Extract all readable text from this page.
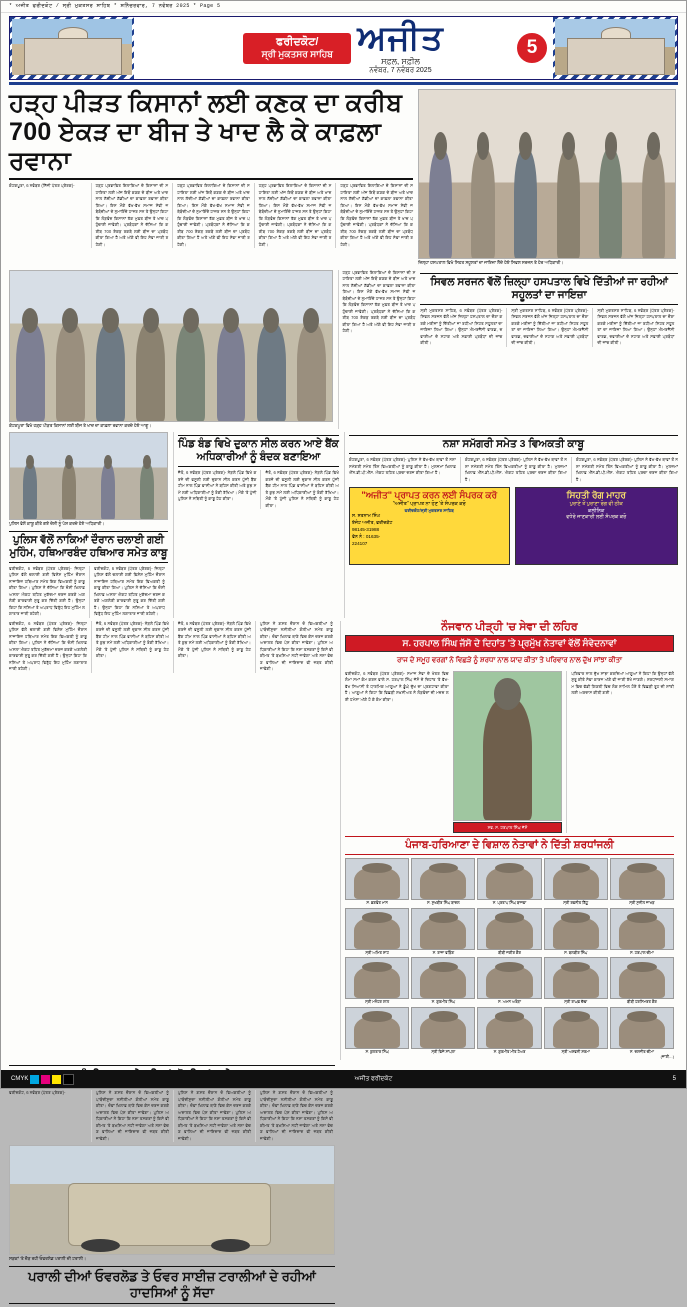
* ਅਜੀਤ ਫਰੀਦਕੋਟ / ਸ੍ਰੀ ਮੁਕਤਸਰ ਸਾਹਿਬ * ਸ਼ਨਿੱਚਰਵਾਰ, 7 ਨਵੰਬਰ 2025 * Page 5
ਫਰੀਦਕੋਟ/
ਸ੍ਰੀ ਮੁਕਤਸਰ ਸਾਹਿਬ ਅਜੀਤ
ਸਫ਼ਲ, ਸਫ਼ੀਲ
ਨਵੰਬਰ, 7 ਨਵੰਬਰ 2025
5
ਹੜ੍ਹ ਪੀੜਤ ਕਿਸਾਨਾਂ ਲਈ ਕਣਕ ਦਾ ਕਰੀਬ 700 ਏਕੜ ਦਾ ਬੀਜ ਤੇ ਖਾਦ ਲੈ ਕੇ ਕਾਫ਼ਲਾ ਰਵਾਨਾ
ਕੋਟਕਪੂਰਾ, 6 ਨਵੰਬਰ (ਨਿੱਜੀ ਪੱਤਰ ਪ੍ਰੇਰਕ)-	ਹੜ੍ਹ ਪ੍ਰਭਾਵਿਤ ਇਲਾਕਿਆਂ ਦੇ ਕਿਸਾਨਾਂ ਦੀ ਸਹਾਇਤਾ ਲਈ ਅੱਜ ਇਥੋਂ ਕਣਕ ਦੇ ਬੀਜ ਅਤੇ ਖਾਦ ਨਾਲ ਲੱਦੀਆਂ ਗੱਡੀਆਂ ਦਾ ਕਾਫ਼ਲਾ ਰਵਾਨਾ ਕੀਤਾ ਗਿਆ। ਇਸ ਮੌਕੇ ਵੱਖ-ਵੱਖ ਸਮਾਜ ਸੇਵੀ ਜਥੇਬੰਦੀਆਂ ਦੇ ਨੁਮਾਇੰਦੇ ਹਾਜ਼ਰ ਸਨ ਤੇ ਉਨ੍ਹਾਂ ਕਿਹਾ ਕਿ ਲੋੜਵੰਦ ਕਿਸਾਨਾਂ ਤੱਕ ਮੁਫ਼ਤ ਬੀਜ ਤੇ ਖਾਦ ਪਹੁੰਚਾਈ ਜਾਵੇਗੀ। ਪ੍ਰਬੰਧਕਾਂ ਨੇ ਦੱਸਿਆ ਕਿ ਕਰੀਬ 700 ਏਕੜ ਰਕਬੇ ਲਈ ਬੀਜ ਦਾ ਪ੍ਰਬੰਧ ਕੀਤਾ ਗਿਆ ਹੈ ਅਤੇ ਅੱਗੇ ਵੀ ਇਹ ਸੇਵਾ ਜਾਰੀ ਰਹੇਗੀ।
ਹੜ੍ਹ ਪ੍ਰਭਾਵਿਤ ਇਲਾਕਿਆਂ ਦੇ ਕਿਸਾਨਾਂ ਦੀ ਸਹਾਇਤਾ ਲਈ ਅੱਜ ਇਥੋਂ ਕਣਕ ਦੇ ਬੀਜ ਅਤੇ ਖਾਦ ਨਾਲ ਲੱਦੀਆਂ ਗੱਡੀਆਂ ਦਾ ਕਾਫ਼ਲਾ ਰਵਾਨਾ ਕੀਤਾ ਗਿਆ। ਇਸ ਮੌਕੇ ਵੱਖ-ਵੱਖ ਸਮਾਜ ਸੇਵੀ ਜਥੇਬੰਦੀਆਂ ਦੇ ਨੁਮਾਇੰਦੇ ਹਾਜ਼ਰ ਸਨ ਤੇ ਉਨ੍ਹਾਂ ਕਿਹਾ ਕਿ ਲੋੜਵੰਦ ਕਿਸਾਨਾਂ ਤੱਕ ਮੁਫ਼ਤ ਬੀਜ ਤੇ ਖਾਦ ਪਹੁੰਚਾਈ ਜਾਵੇਗੀ। ਪ੍ਰਬੰਧਕਾਂ ਨੇ ਦੱਸਿਆ ਕਿ ਕਰੀਬ 700 ਏਕੜ ਰਕਬੇ ਲਈ ਬੀਜ ਦਾ ਪ੍ਰਬੰਧ ਕੀਤਾ ਗਿਆ ਹੈ ਅਤੇ ਅੱਗੇ ਵੀ ਇਹ ਸੇਵਾ ਜਾਰੀ ਰਹੇਗੀ।
ਹੜ੍ਹ ਪ੍ਰਭਾਵਿਤ ਇਲਾਕਿਆਂ ਦੇ ਕਿਸਾਨਾਂ ਦੀ ਸਹਾਇਤਾ ਲਈ ਅੱਜ ਇਥੋਂ ਕਣਕ ਦੇ ਬੀਜ ਅਤੇ ਖਾਦ ਨਾਲ ਲੱਦੀਆਂ ਗੱਡੀਆਂ ਦਾ ਕਾਫ਼ਲਾ ਰਵਾਨਾ ਕੀਤਾ ਗਿਆ। ਇਸ ਮੌਕੇ ਵੱਖ-ਵੱਖ ਸਮਾਜ ਸੇਵੀ ਜਥੇਬੰਦੀਆਂ ਦੇ ਨੁਮਾਇੰਦੇ ਹਾਜ਼ਰ ਸਨ ਤੇ ਉਨ੍ਹਾਂ ਕਿਹਾ ਕਿ ਲੋੜਵੰਦ ਕਿਸਾਨਾਂ ਤੱਕ ਮੁਫ਼ਤ ਬੀਜ ਤੇ ਖਾਦ ਪਹੁੰਚਾਈ ਜਾਵੇਗੀ। ਪ੍ਰਬੰਧਕਾਂ ਨੇ ਦੱਸਿਆ ਕਿ ਕਰੀਬ 700 ਏਕੜ ਰਕਬੇ ਲਈ ਬੀਜ ਦਾ ਪ੍ਰਬੰਧ ਕੀਤਾ ਗਿਆ ਹੈ ਅਤੇ ਅੱਗੇ ਵੀ ਇਹ ਸੇਵਾ ਜਾਰੀ ਰਹੇਗੀ।
ਹੜ੍ਹ ਪ੍ਰਭਾਵਿਤ ਇਲਾਕਿਆਂ ਦੇ ਕਿਸਾਨਾਂ ਦੀ ਸਹਾਇਤਾ ਲਈ ਅੱਜ ਇਥੋਂ ਕਣਕ ਦੇ ਬੀਜ ਅਤੇ ਖਾਦ ਨਾਲ ਲੱਦੀਆਂ ਗੱਡੀਆਂ ਦਾ ਕਾਫ਼ਲਾ ਰਵਾਨਾ ਕੀਤਾ ਗਿਆ। ਇਸ ਮੌਕੇ ਵੱਖ-ਵੱਖ ਸਮਾਜ ਸੇਵੀ ਜਥੇਬੰਦੀਆਂ ਦੇ ਨੁਮਾਇੰਦੇ ਹਾਜ਼ਰ ਸਨ ਤੇ ਉਨ੍ਹਾਂ ਕਿਹਾ ਕਿ ਲੋੜਵੰਦ ਕਿਸਾਨਾਂ ਤੱਕ ਮੁਫ਼ਤ ਬੀਜ ਤੇ ਖਾਦ ਪਹੁੰਚਾਈ ਜਾਵੇਗੀ। ਪ੍ਰਬੰਧਕਾਂ ਨੇ ਦੱਸਿਆ ਕਿ ਕਰੀਬ 700 ਏਕੜ ਰਕਬੇ ਲਈ ਬੀਜ ਦਾ ਪ੍ਰਬੰਧ ਕੀਤਾ ਗਿਆ ਹੈ ਅਤੇ ਅੱਗੇ ਵੀ ਇਹ ਸੇਵਾ ਜਾਰੀ ਰਹੇਗੀ।
ਜ਼ਿਲ੍ਹਾ ਹਸਪਤਾਲ ਵਿਖੇ ਸਿਹਤ ਸਹੂਲਤਾਂ ਦਾ ਜਾਇਜ਼ਾ ਲੈਂਦੇ ਹੋਏ ਸਿਵਲ ਸਰਜਨ ਤੇ ਹੋਰ ਅਧਿਕਾਰੀ।
ਕੋਟਕਪੂਰਾ ਵਿਖੇ ਹੜ੍ਹ ਪੀੜਤ ਕਿਸਾਨਾਂ ਲਈ ਬੀਜ ਤੇ ਖਾਦ ਦਾ ਕਾਫ਼ਲਾ ਰਵਾਨਾ ਕਰਦੇ ਹੋਏ ਆਗੂ।
ਹੜ੍ਹ ਪ੍ਰਭਾਵਿਤ ਇਲਾਕਿਆਂ ਦੇ ਕਿਸਾਨਾਂ ਦੀ ਸਹਾਇਤਾ ਲਈ ਅੱਜ ਇਥੋਂ ਕਣਕ ਦੇ ਬੀਜ ਅਤੇ ਖਾਦ ਨਾਲ ਲੱਦੀਆਂ ਗੱਡੀਆਂ ਦਾ ਕਾਫ਼ਲਾ ਰਵਾਨਾ ਕੀਤਾ ਗਿਆ। ਇਸ ਮੌਕੇ ਵੱਖ-ਵੱਖ ਸਮਾਜ ਸੇਵੀ ਜਥੇਬੰਦੀਆਂ ਦੇ ਨੁਮਾਇੰਦੇ ਹਾਜ਼ਰ ਸਨ ਤੇ ਉਨ੍ਹਾਂ ਕਿਹਾ ਕਿ ਲੋੜਵੰਦ ਕਿਸਾਨਾਂ ਤੱਕ ਮੁਫ਼ਤ ਬੀਜ ਤੇ ਖਾਦ ਪਹੁੰਚਾਈ ਜਾਵੇਗੀ। ਪ੍ਰਬੰਧਕਾਂ ਨੇ ਦੱਸਿਆ ਕਿ ਕਰੀਬ 700 ਏਕੜ ਰਕਬੇ ਲਈ ਬੀਜ ਦਾ ਪ੍ਰਬੰਧ ਕੀਤਾ ਗਿਆ ਹੈ ਅਤੇ ਅੱਗੇ ਵੀ ਇਹ ਸੇਵਾ ਜਾਰੀ ਰਹੇਗੀ।
ਸਿਵਲ ਸਰਜਨ ਵੱਲੋਂ ਜ਼ਿਲ੍ਹਾ ਹਸਪਤਾਲ ਵਿਖੇ ਦਿੱਤੀਆਂ ਜਾ ਰਹੀਆਂ ਸਹੂਲਤਾਂ ਦਾ ਜਾਇਜ਼ਾ
ਸ੍ਰੀ ਮੁਕਤਸਰ ਸਾਹਿਬ, 6 ਨਵੰਬਰ (ਪੱਤਰ ਪ੍ਰੇਰਕ)- ਸਿਵਲ ਸਰਜਨ ਵੱਲੋਂ ਅੱਜ ਜ਼ਿਲ੍ਹਾ ਹਸਪਤਾਲ ਦਾ ਦੌਰਾ ਕਰਕੇ ਮਰੀਜ਼ਾਂ ਨੂੰ ਦਿੱਤੀਆਂ ਜਾ ਰਹੀਆਂ ਸਿਹਤ ਸਹੂਲਤਾਂ ਦਾ ਜਾਇਜ਼ਾ ਲਿਆ ਗਿਆ। ਉਨ੍ਹਾਂ ਐਮਰਜੈਂਸੀ ਵਾਰਡ, ਦਵਾਈਆਂ ਦੇ ਸਟਾਕ ਅਤੇ ਸਫ਼ਾਈ ਪ੍ਰਬੰਧਾਂ ਦੀ ਜਾਂਚ ਕੀਤੀ।
ਸ੍ਰੀ ਮੁਕਤਸਰ ਸਾਹਿਬ, 6 ਨਵੰਬਰ (ਪੱਤਰ ਪ੍ਰੇਰਕ)- ਸਿਵਲ ਸਰਜਨ ਵੱਲੋਂ ਅੱਜ ਜ਼ਿਲ੍ਹਾ ਹਸਪਤਾਲ ਦਾ ਦੌਰਾ ਕਰਕੇ ਮਰੀਜ਼ਾਂ ਨੂੰ ਦਿੱਤੀਆਂ ਜਾ ਰਹੀਆਂ ਸਿਹਤ ਸਹੂਲਤਾਂ ਦਾ ਜਾਇਜ਼ਾ ਲਿਆ ਗਿਆ। ਉਨ੍ਹਾਂ ਐਮਰਜੈਂਸੀ ਵਾਰਡ, ਦਵਾਈਆਂ ਦੇ ਸਟਾਕ ਅਤੇ ਸਫ਼ਾਈ ਪ੍ਰਬੰਧਾਂ ਦੀ ਜਾਂਚ ਕੀਤੀ।
ਸ੍ਰੀ ਮੁਕਤਸਰ ਸਾਹਿਬ, 6 ਨਵੰਬਰ (ਪੱਤਰ ਪ੍ਰੇਰਕ)- ਸਿਵਲ ਸਰਜਨ ਵੱਲੋਂ ਅੱਜ ਜ਼ਿਲ੍ਹਾ ਹਸਪਤਾਲ ਦਾ ਦੌਰਾ ਕਰਕੇ ਮਰੀਜ਼ਾਂ ਨੂੰ ਦਿੱਤੀਆਂ ਜਾ ਰਹੀਆਂ ਸਿਹਤ ਸਹੂਲਤਾਂ ਦਾ ਜਾਇਜ਼ਾ ਲਿਆ ਗਿਆ। ਉਨ੍ਹਾਂ ਐਮਰਜੈਂਸੀ ਵਾਰਡ, ਦਵਾਈਆਂ ਦੇ ਸਟਾਕ ਅਤੇ ਸਫ਼ਾਈ ਪ੍ਰਬੰਧਾਂ ਦੀ ਜਾਂਚ ਕੀਤੀ।
ਪੁਲਿਸ ਵੱਲੋਂ ਕਾਬੂ ਕੀਤੇ ਗਏ ਦੋਸ਼ੀ ਨੂੰ ਪੇਸ਼ ਕਰਦੇ ਹੋਏ ਅਧਿਕਾਰੀ।
ਪੁਲਿਸ ਵੱਲੋਂ ਨਾਕਿਆਂ ਦੌਰਾਨ ਚਲਾਈ ਗਈ ਮੁਹਿੰਮ, ਹਥਿਆਰਬੰਦ ਹਥਿਆਰ ਸਮੇਤ ਕਾਬੂ
ਫਰੀਦਕੋਟ, 6 ਨਵੰਬਰ (ਪੱਤਰ ਪ੍ਰੇਰਕ)- ਜ਼ਿਲ੍ਹਾ ਪੁਲਿਸ ਵੱਲੋਂ ਚਲਾਈ ਗਈ ਵਿਸ਼ੇਸ਼ ਮੁਹਿੰਮ ਦੌਰਾਨ ਨਾਜਾਇਜ਼ ਹਥਿਆਰ ਸਮੇਤ ਇਕ ਵਿਅਕਤੀ ਨੂੰ ਕਾਬੂ ਕੀਤਾ ਗਿਆ। ਪੁਲਿਸ ਨੇ ਦੱਸਿਆ ਕਿ ਦੋਸ਼ੀ ਖ਼ਿਲਾਫ਼ ਅਸਲਾ ਐਕਟ ਤਹਿਤ ਮੁਕੱਦਮਾ ਦਰਜ ਕਰਕੇ ਅਗਲੇਰੀ ਕਾਰਵਾਈ ਸ਼ੁਰੂ ਕਰ ਦਿੱਤੀ ਗਈ ਹੈ। ਉਨ੍ਹਾਂ ਕਿਹਾ ਕਿ ਨਸ਼ਿਆਂ ਤੇ ਅਪਰਾਧ ਵਿਰੁੱਧ ਇਹ ਮੁਹਿੰਮ ਲਗਾਤਾਰ ਜਾਰੀ ਰਹੇਗੀ।
ਫਰੀਦਕੋਟ, 6 ਨਵੰਬਰ (ਪੱਤਰ ਪ੍ਰੇਰਕ)- ਜ਼ਿਲ੍ਹਾ ਪੁਲਿਸ ਵੱਲੋਂ ਚਲਾਈ ਗਈ ਵਿਸ਼ੇਸ਼ ਮੁਹਿੰਮ ਦੌਰਾਨ ਨਾਜਾਇਜ਼ ਹਥਿਆਰ ਸਮੇਤ ਇਕ ਵਿਅਕਤੀ ਨੂੰ ਕਾਬੂ ਕੀਤਾ ਗਿਆ। ਪੁਲਿਸ ਨੇ ਦੱਸਿਆ ਕਿ ਦੋਸ਼ੀ ਖ਼ਿਲਾਫ਼ ਅਸਲਾ ਐਕਟ ਤਹਿਤ ਮੁਕੱਦਮਾ ਦਰਜ ਕਰਕੇ ਅਗਲੇਰੀ ਕਾਰਵਾਈ ਸ਼ੁਰੂ ਕਰ ਦਿੱਤੀ ਗਈ ਹੈ। ਉਨ੍ਹਾਂ ਕਿਹਾ ਕਿ ਨਸ਼ਿਆਂ ਤੇ ਅਪਰਾਧ ਵਿਰੁੱਧ ਇਹ ਮੁਹਿੰਮ ਲਗਾਤਾਰ ਜਾਰੀ ਰਹੇਗੀ।
ਪਿੰਡ ਬੰਡ ਵਿਖੇ ਦੁਕਾਨ ਸੀਲ ਕਰਨ ਆਏ ਬੈਂਕ ਅਧਿਕਾਰੀਆਂ ਨੂੰ ਬੰਦਕ ਬਣਾਇਆ
ਜੈਤੋ, 6 ਨਵੰਬਰ (ਪੱਤਰ ਪ੍ਰੇਰਕ)- ਨੇੜਲੇ ਪਿੰਡ ਵਿਖੇ ਕਰਜ਼ੇ ਦੀ ਵਸੂਲੀ ਲਈ ਦੁਕਾਨ ਸੀਲ ਕਰਨ ਪੁੱਜੀ ਬੈਂਕ ਟੀਮ ਨਾਲ ਪਿੰਡ ਵਾਸੀਆਂ ਨੇ ਬਹਿਸ ਕੀਤੀ ਅਤੇ ਕੁਝ ਸਮੇਂ ਲਈ ਅਧਿਕਾਰੀਆਂ ਨੂੰ ਰੋਕੀ ਰੱਖਿਆ। ਮੌਕੇ 'ਤੇ ਪੁੱਜੀ ਪੁਲਿਸ ਨੇ ਸਥਿਤੀ ਨੂੰ ਕਾਬੂ ਹੇਠ ਕੀਤਾ।
ਜੈਤੋ, 6 ਨਵੰਬਰ (ਪੱਤਰ ਪ੍ਰੇਰਕ)- ਨੇੜਲੇ ਪਿੰਡ ਵਿਖੇ ਕਰਜ਼ੇ ਦੀ ਵਸੂਲੀ ਲਈ ਦੁਕਾਨ ਸੀਲ ਕਰਨ ਪੁੱਜੀ ਬੈਂਕ ਟੀਮ ਨਾਲ ਪਿੰਡ ਵਾਸੀਆਂ ਨੇ ਬਹਿਸ ਕੀਤੀ ਅਤੇ ਕੁਝ ਸਮੇਂ ਲਈ ਅਧਿਕਾਰੀਆਂ ਨੂੰ ਰੋਕੀ ਰੱਖਿਆ। ਮੌਕੇ 'ਤੇ ਪੁੱਜੀ ਪੁਲਿਸ ਨੇ ਸਥਿਤੀ ਨੂੰ ਕਾਬੂ ਹੇਠ ਕੀਤਾ।
ਨਸ਼ਾ ਸਮੱਗਰੀ ਸਮੇਤ 3 ਵਿਅਕਤੀ ਕਾਬੂ
ਕੋਟਕਪੂਰਾ, 6 ਨਵੰਬਰ (ਪੱਤਰ ਪ੍ਰੇਰਕ)- ਪੁਲਿਸ ਨੇ ਵੱਖ-ਵੱਖ ਥਾਵਾਂ ਤੋਂ ਨਸ਼ਾ ਸਮੱਗਰੀ ਸਮੇਤ ਤਿੰਨ ਵਿਅਕਤੀਆਂ ਨੂੰ ਕਾਬੂ ਕੀਤਾ ਹੈ। ਮੁਲਜ਼ਮਾਂ ਖ਼ਿਲਾਫ਼ ਐੱਨ.ਡੀ.ਪੀ.ਐੱਸ. ਐਕਟ ਤਹਿਤ ਪਰਚਾ ਦਰਜ ਕੀਤਾ ਗਿਆ ਹੈ।
ਕੋਟਕਪੂਰਾ, 6 ਨਵੰਬਰ (ਪੱਤਰ ਪ੍ਰੇਰਕ)- ਪੁਲਿਸ ਨੇ ਵੱਖ-ਵੱਖ ਥਾਵਾਂ ਤੋਂ ਨਸ਼ਾ ਸਮੱਗਰੀ ਸਮੇਤ ਤਿੰਨ ਵਿਅਕਤੀਆਂ ਨੂੰ ਕਾਬੂ ਕੀਤਾ ਹੈ। ਮੁਲਜ਼ਮਾਂ ਖ਼ਿਲਾਫ਼ ਐੱਨ.ਡੀ.ਪੀ.ਐੱਸ. ਐਕਟ ਤਹਿਤ ਪਰਚਾ ਦਰਜ ਕੀਤਾ ਗਿਆ ਹੈ।
ਕੋਟਕਪੂਰਾ, 6 ਨਵੰਬਰ (ਪੱਤਰ ਪ੍ਰੇਰਕ)- ਪੁਲਿਸ ਨੇ ਵੱਖ-ਵੱਖ ਥਾਵਾਂ ਤੋਂ ਨਸ਼ਾ ਸਮੱਗਰੀ ਸਮੇਤ ਤਿੰਨ ਵਿਅਕਤੀਆਂ ਨੂੰ ਕਾਬੂ ਕੀਤਾ ਹੈ। ਮੁਲਜ਼ਮਾਂ ਖ਼ਿਲਾਫ਼ ਐੱਨ.ਡੀ.ਪੀ.ਐੱਸ. ਐਕਟ ਤਹਿਤ ਪਰਚਾ ਦਰਜ ਕੀਤਾ ਗਿਆ ਹੈ।
"ਅਜੀਤ" ਪ੍ਰਾਪਤ ਕਰਨ ਲਈ ਸੰਪਰਕ ਕਰੋ
"ਅਜੀਤ" ਪ੍ਰਾਪਤ ਨਾ ਹੋਣ 'ਤੇ ਸੰਪਰਕ ਕਰੋ
ਫਰੀਦਕੋਟ/ਸ੍ਰੀ ਮੁਕਤਸਰ ਸਾਹਿਬ
ਸ. ਸਤਨਾਮ ਸਿੰਘ
ਏਜੰਟ ਅਜੀਤ, ਫਰੀਦਕੋਟ
98145-31988
ਫੋਨ ਨੰ : 01635-
224107
ਸਿਹਤੀ ਰੋਗ ਮਾਹਰ
ਪੁਰਾਣੇ ਤੋਂ ਪੁਰਾਣਾ ਰੋਗ ਵੀ ਠੀਕ
ਕਲੀਨਿਕ
ਵਧੇਰੇ ਜਾਣਕਾਰੀ ਲਈ ਸੰਪਰਕ ਕਰੋ
ਫਰੀਦਕੋਟ, 6 ਨਵੰਬਰ (ਪੱਤਰ ਪ੍ਰੇਰਕ)- ਜ਼ਿਲ੍ਹਾ ਪੁਲਿਸ ਵੱਲੋਂ ਚਲਾਈ ਗਈ ਵਿਸ਼ੇਸ਼ ਮੁਹਿੰਮ ਦੌਰਾਨ ਨਾਜਾਇਜ਼ ਹਥਿਆਰ ਸਮੇਤ ਇਕ ਵਿਅਕਤੀ ਨੂੰ ਕਾਬੂ ਕੀਤਾ ਗਿਆ। ਪੁਲਿਸ ਨੇ ਦੱਸਿਆ ਕਿ ਦੋਸ਼ੀ ਖ਼ਿਲਾਫ਼ ਅਸਲਾ ਐਕਟ ਤਹਿਤ ਮੁਕੱਦਮਾ ਦਰਜ ਕਰਕੇ ਅਗਲੇਰੀ ਕਾਰਵਾਈ ਸ਼ੁਰੂ ਕਰ ਦਿੱਤੀ ਗਈ ਹੈ। ਉਨ੍ਹਾਂ ਕਿਹਾ ਕਿ ਨਸ਼ਿਆਂ ਤੇ ਅਪਰਾਧ ਵਿਰੁੱਧ ਇਹ ਮੁਹਿੰਮ ਲਗਾਤਾਰ ਜਾਰੀ ਰਹੇਗੀ।
ਜੈਤੋ, 6 ਨਵੰਬਰ (ਪੱਤਰ ਪ੍ਰੇਰਕ)- ਨੇੜਲੇ ਪਿੰਡ ਵਿਖੇ ਕਰਜ਼ੇ ਦੀ ਵਸੂਲੀ ਲਈ ਦੁਕਾਨ ਸੀਲ ਕਰਨ ਪੁੱਜੀ ਬੈਂਕ ਟੀਮ ਨਾਲ ਪਿੰਡ ਵਾਸੀਆਂ ਨੇ ਬਹਿਸ ਕੀਤੀ ਅਤੇ ਕੁਝ ਸਮੇਂ ਲਈ ਅਧਿਕਾਰੀਆਂ ਨੂੰ ਰੋਕੀ ਰੱਖਿਆ। ਮੌਕੇ 'ਤੇ ਪੁੱਜੀ ਪੁਲਿਸ ਨੇ ਸਥਿਤੀ ਨੂੰ ਕਾਬੂ ਹੇਠ ਕੀਤਾ।
ਜੈਤੋ, 6 ਨਵੰਬਰ (ਪੱਤਰ ਪ੍ਰੇਰਕ)- ਨੇੜਲੇ ਪਿੰਡ ਵਿਖੇ ਕਰਜ਼ੇ ਦੀ ਵਸੂਲੀ ਲਈ ਦੁਕਾਨ ਸੀਲ ਕਰਨ ਪੁੱਜੀ ਬੈਂਕ ਟੀਮ ਨਾਲ ਪਿੰਡ ਵਾਸੀਆਂ ਨੇ ਬਹਿਸ ਕੀਤੀ ਅਤੇ ਕੁਝ ਸਮੇਂ ਲਈ ਅਧਿਕਾਰੀਆਂ ਨੂੰ ਰੋਕੀ ਰੱਖਿਆ। ਮੌਕੇ 'ਤੇ ਪੁੱਜੀ ਪੁਲਿਸ ਨੇ ਸਥਿਤੀ ਨੂੰ ਕਾਬੂ ਹੇਠ ਕੀਤਾ।
ਪੁਲਿਸ ਨੇ ਗਸ਼ਤ ਦੌਰਾਨ ਦੋ ਵਿਅਕਤੀਆਂ ਨੂੰ ਪਾਬੰਦੀਸ਼ੁਦਾ ਨਸ਼ੀਲੀਆਂ ਗੋਲੀਆਂ ਸਮੇਤ ਕਾਬੂ ਕੀਤਾ। ਦੋਵਾਂ ਖ਼ਿਲਾਫ਼ ਥਾਣੇ ਵਿਚ ਕੇਸ ਦਰਜ ਕਰਕੇ ਅਦਾਲਤ ਵਿਚ ਪੇਸ਼ ਕੀਤਾ ਜਾਵੇਗਾ। ਪੁਲਿਸ ਅਧਿਕਾਰੀਆਂ ਨੇ ਕਿਹਾ ਕਿ ਨਸ਼ਾ ਤਸਕਰਾਂ ਨੂੰ ਕਿਸੇ ਵੀ ਕੀਮਤ 'ਤੇ ਬਖ਼ਸ਼ਿਆ ਨਹੀਂ ਜਾਵੇਗਾ ਅਤੇ ਨਸ਼ਾ ਵੇਚਣ ਵਾਲਿਆਂ ਦੀ ਜਾਇਦਾਦ ਵੀ ਜ਼ਬਤ ਕੀਤੀ ਜਾਵੇਗੀ।
ਨੌਜਵਾਨ ਪੀੜ੍ਹੀ 'ਚ ਸੇਵਾ ਦੀ ਲਹਿਰ
ਸ. ਹਰਪਾਲ ਸਿੰਘ ਜੱਸੋ ਦੇ ਦਿਹਾਂਤ 'ਤੇ ਪ੍ਰਮੁੱਖ ਨੇਤਾਵਾਂ ਵੱਲੋਂ ਸੰਵੇਦਨਾਵਾਂ
ਰਾਜ ਦੇ ਸਮੂਹ ਵਰਗਾਂ ਨੇ ਵਿਛੜੇ ਨੂੰ ਸ਼ਰਧਾ ਨਾਲ ਯਾਦ ਕੀਤਾ ਤੇ ਪਰਿਵਾਰ ਨਾਲ ਦੁੱਖ ਸਾਂਝਾ ਕੀਤਾ
ਫਰੀਦਕੋਟ, 6 ਨਵੰਬਰ (ਪੱਤਰ ਪ੍ਰੇਰਕ)- ਸਮਾਜ ਸੇਵਾ ਦੇ ਖੇਤਰ ਵਿਚ ਲੰਮਾ ਸਮਾਂ ਕੰਮ ਕਰਨ ਵਾਲੇ ਸ. ਹਰਪਾਲ ਸਿੰਘ ਜੱਸੋ ਦੇ ਦਿਹਾਂਤ 'ਤੇ ਵੱਖ-ਵੱਖ ਸਿਆਸੀ ਤੇ ਧਾਰਮਿਕ ਆਗੂਆਂ ਨੇ ਡੂੰਘੇ ਦੁੱਖ ਦਾ ਪ੍ਰਗਟਾਵਾ ਕੀਤਾ ਹੈ। ਆਗੂਆਂ ਨੇ ਕਿਹਾ ਕਿ ਵਿਛੜੀ ਸ਼ਖ਼ਸੀਅਤ ਨੇ ਲੋੜਵੰਦਾਂ ਦੀ ਮਦਦ ਲਈ ਹਮੇਸ਼ਾ ਅੱਗੇ ਹੋ ਕੇ ਕੰਮ ਕੀਤਾ।
ਸਵ. ਸ. ਹਰਪਾਲ ਸਿੰਘ ਜੱਸੋ
ਪਰਿਵਾਰ ਨਾਲ ਦੁੱਖ ਸਾਂਝਾ ਕਰਦਿਆਂ ਆਗੂਆਂ ਨੇ ਕਿਹਾ ਕਿ ਉਨ੍ਹਾਂ ਵੱਲੋਂ ਸ਼ੁਰੂ ਕੀਤੇ ਸੇਵਾ ਕਾਰਜ ਅੱਗੇ ਵੀ ਜਾਰੀ ਰੱਖੇ ਜਾਣਗੇ। ਸ਼ਰਧਾਂਜਲੀ ਸਮਾਗਮ ਵਿਚ ਵੱਡੀ ਗਿਣਤੀ ਵਿਚ ਲੋਕ ਸ਼ਾਮਿਲ ਹੋਏ ਤੇ ਵਿਛੜੀ ਰੂਹ ਦੀ ਸ਼ਾਂਤੀ ਲਈ ਅਰਦਾਸ ਕੀਤੀ ਗਈ।
ਪੰਜਾਬ-ਹਰਿਆਣਾ ਦੇ ਵਿਸ਼ਾਲ ਨੇਤਾਵਾਂ ਨੇ ਦਿੱਤੀ ਸ਼ਰਧਾਂਜਲੀ
ਸ. ਭਗਵੰਤ ਮਾਨ	ਸ. ਸੁਖਬੀਰ ਸਿੰਘ ਬਾਦਲ	ਸ. ਪ੍ਰਤਾਪ ਸਿੰਘ ਬਾਜਵਾ	ਸ੍ਰੀ ਰਵਨੀਤ ਬਿੱਟੂ	ਸ੍ਰੀ ਸੁਨੀਲ ਜਾਖੜ
ਸ੍ਰੀ ਅਮਿਤ ਸ਼ਾਹ	ਸ. ਰਾਜਾ ਵੜਿੰਗ	ਬੀਬੀ ਜਗੀਰ ਕੌਰ	ਸ. ਬਲਬੀਰ ਸਿੰਘ	ਸ. ਹਰਪਾਲ ਚੀਮਾ
ਸ੍ਰੀ ਮਨੋਹਰ ਲਾਲ	ਸ. ਗੁਰਮੀਤ ਸਿੰਘ	ਸ. ਅਮਨ ਅਰੋੜਾ	ਸ੍ਰੀ ਰਾਘਵ ਚੱਢਾ	ਬੀਬੀ ਹਰਸਿਮਰਤ ਕੌਰ
ਸ. ਕੁਲਤਾਰ ਸਿੰਘ	ਸ੍ਰੀ ਵਿਜੇ ਸਾਂਪਲਾ	ਸ. ਗੁਰਮੀਤ ਮੀਤ ਹੇਅਰ	ਸ੍ਰੀ ਅਸ਼ਵਨੀ ਸ਼ਰਮਾ	ਸ. ਦਲਜੀਤ ਚੀਮਾ
(ਜਾਰੀ…)
ਫਰੀਦਕੋਟ, 6 ਨਵੰਬਰ (ਪੱਤਰ ਪ੍ਰੇਰਕ)-	ਪੁਲਿਸ ਨੇ ਗਸ਼ਤ ਦੌਰਾਨ ਦੋ ਵਿਅਕਤੀਆਂ ਨੂੰ ਪਾਬੰਦੀਸ਼ੁਦਾ ਨਸ਼ੀਲੀਆਂ ਗੋਲੀਆਂ ਸਮੇਤ ਕਾਬੂ ਕੀਤਾ। ਦੋਵਾਂ ਖ਼ਿਲਾਫ਼ ਥਾਣੇ ਵਿਚ ਕੇਸ ਦਰਜ ਕਰਕੇ ਅਦਾਲਤ ਵਿਚ ਪੇਸ਼ ਕੀਤਾ ਜਾਵੇਗਾ। ਪੁਲਿਸ ਅਧਿਕਾਰੀਆਂ ਨੇ ਕਿਹਾ ਕਿ ਨਸ਼ਾ ਤਸਕਰਾਂ ਨੂੰ ਕਿਸੇ ਵੀ ਕੀਮਤ 'ਤੇ ਬਖ਼ਸ਼ਿਆ ਨਹੀਂ ਜਾਵੇਗਾ ਅਤੇ ਨਸ਼ਾ ਵੇਚਣ ਵਾਲਿਆਂ ਦੀ ਜਾਇਦਾਦ ਵੀ ਜ਼ਬਤ ਕੀਤੀ ਜਾਵੇਗੀ।
ਪੁਲਿਸ ਨੇ ਗਸ਼ਤ ਦੌਰਾਨ ਦੋ ਵਿਅਕਤੀਆਂ ਨੂੰ ਪਾਬੰਦੀਸ਼ੁਦਾ ਨਸ਼ੀਲੀਆਂ ਗੋਲੀਆਂ ਸਮੇਤ ਕਾਬੂ ਕੀਤਾ। ਦੋਵਾਂ ਖ਼ਿਲਾਫ਼ ਥਾਣੇ ਵਿਚ ਕੇਸ ਦਰਜ ਕਰਕੇ ਅਦਾਲਤ ਵਿਚ ਪੇਸ਼ ਕੀਤਾ ਜਾਵੇਗਾ। ਪੁਲਿਸ ਅਧਿਕਾਰੀਆਂ ਨੇ ਕਿਹਾ ਕਿ ਨਸ਼ਾ ਤਸਕਰਾਂ ਨੂੰ ਕਿਸੇ ਵੀ ਕੀਮਤ 'ਤੇ ਬਖ਼ਸ਼ਿਆ ਨਹੀਂ ਜਾਵੇਗਾ ਅਤੇ ਨਸ਼ਾ ਵੇਚਣ ਵਾਲਿਆਂ ਦੀ ਜਾਇਦਾਦ ਵੀ ਜ਼ਬਤ ਕੀਤੀ ਜਾਵੇਗੀ।
ਪੁਲਿਸ ਨੇ ਗਸ਼ਤ ਦੌਰਾਨ ਦੋ ਵਿਅਕਤੀਆਂ ਨੂੰ ਪਾਬੰਦੀਸ਼ੁਦਾ ਨਸ਼ੀਲੀਆਂ ਗੋਲੀਆਂ ਸਮੇਤ ਕਾਬੂ ਕੀਤਾ। ਦੋਵਾਂ ਖ਼ਿਲਾਫ਼ ਥਾਣੇ ਵਿਚ ਕੇਸ ਦਰਜ ਕਰਕੇ ਅਦਾਲਤ ਵਿਚ ਪੇਸ਼ ਕੀਤਾ ਜਾਵੇਗਾ। ਪੁਲਿਸ ਅਧਿਕਾਰੀਆਂ ਨੇ ਕਿਹਾ ਕਿ ਨਸ਼ਾ ਤਸਕਰਾਂ ਨੂੰ ਕਿਸੇ ਵੀ ਕੀਮਤ 'ਤੇ ਬਖ਼ਸ਼ਿਆ ਨਹੀਂ ਜਾਵੇਗਾ ਅਤੇ ਨਸ਼ਾ ਵੇਚਣ ਵਾਲਿਆਂ ਦੀ ਜਾਇਦਾਦ ਵੀ ਜ਼ਬਤ ਕੀਤੀ ਜਾਵੇਗੀ।
ਸੜਕਾਂ 'ਤੇ ਦੌੜ ਰਹੀ ਓਵਰਲੋਡ ਪਰਾਲੀ ਦੀ ਟਰਾਲੀ।
ਪਰਾਲੀ ਦੀਆਂ ਓਵਰਲੋਡ ਤੇ ਓਵਰ ਸਾਈਜ਼ ਟਰਾਲੀਆਂ ਦੇ ਰਹੀਆਂ ਹਾਦਸਿਆਂ ਨੂੰ ਸੱਦਾ
CMYK	ਅਜੀਤ ਫਰੀਦਕੋਟ	5
